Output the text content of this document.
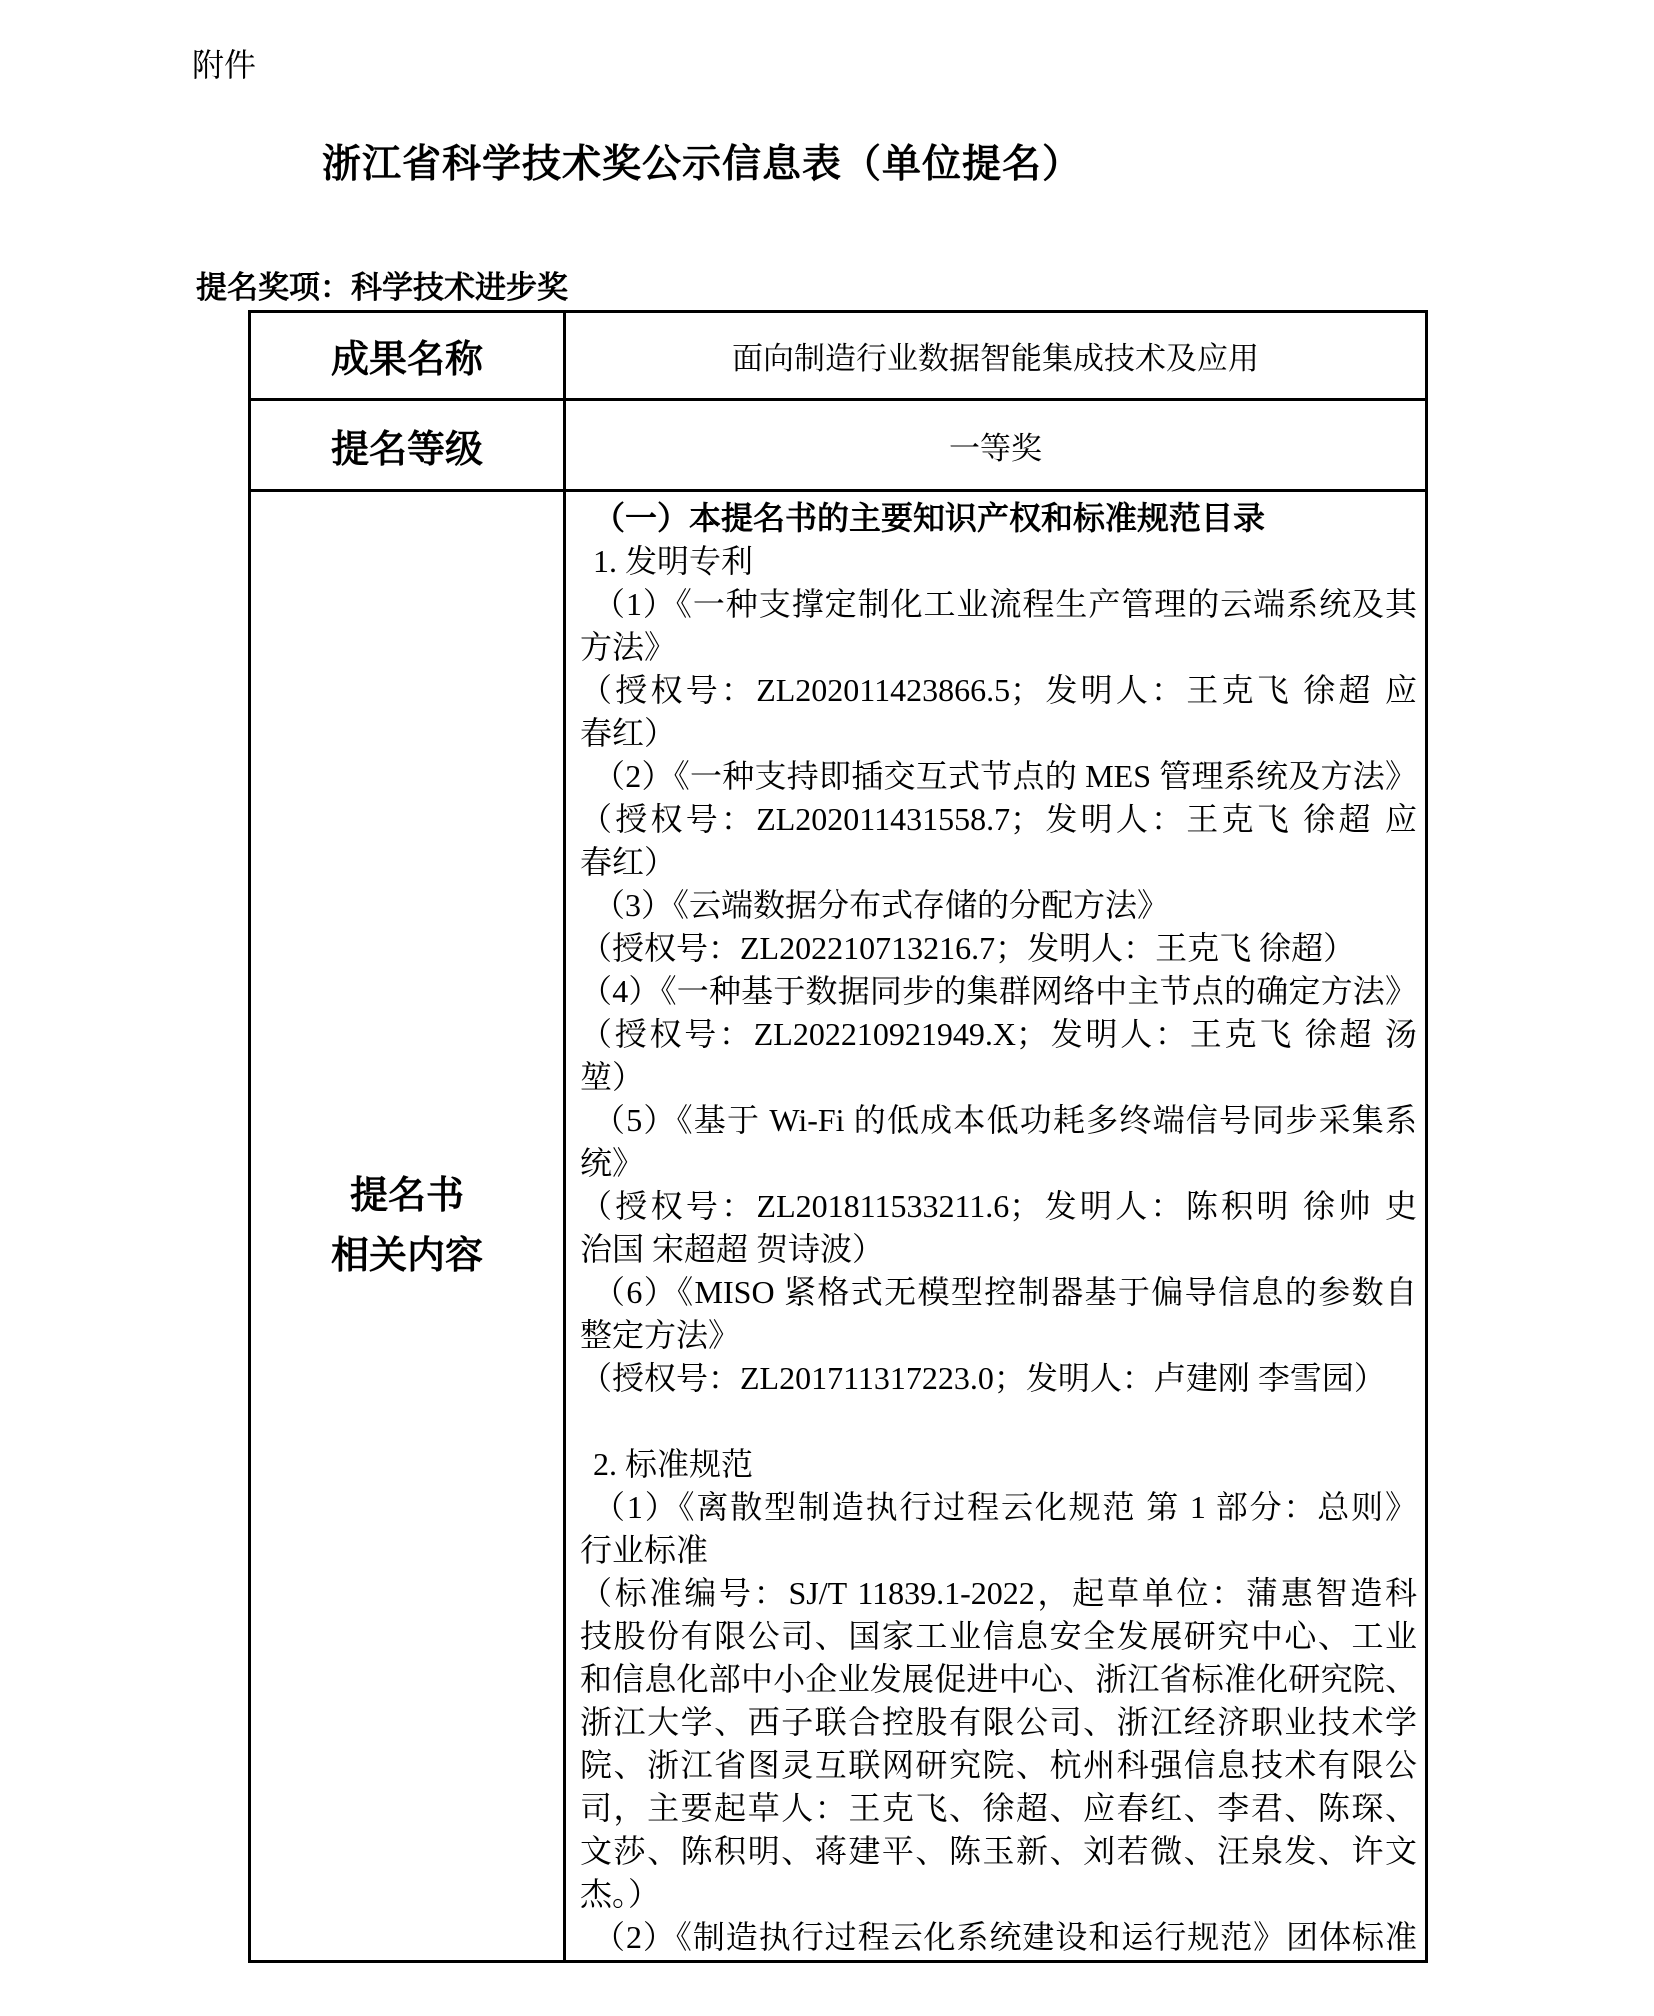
附件
浙江省科学技术奖公示信息表（单位提名）
提名奖项：科学技术进步奖
成果名称	面向制造行业数据智能集成技术及应用
提名等级	一等奖
提名书
相关内容
（一）本提名书的主要知识产权和标准规范目录
1. 发明专利
（1）《一种支撑定制化工业流程生产管理的云端系统及其
方法》
（授权号：ZL202011423866.5；发明人：王克飞 徐超 应
春红）
（2）《一种支持即插交互式节点的 MES 管理系统及方法》
（授权号：ZL202011431558.7；发明人：王克飞 徐超 应
春红）
（3）《云端数据分布式存储的分配方法》
（授权号：ZL202210713216.7；发明人：王克飞 徐超）
（4）《一种基于数据同步的集群网络中主节点的确定方法》
（授权号：ZL202210921949.X；发明人：王克飞 徐超 汤
堃）
（5）《基于 Wi-Fi 的低成本低功耗多终端信号同步采集系
统》
（授权号：ZL201811533211.6；发明人：陈积明 徐帅 史
治国 宋超超 贺诗波）
（6）《MISO 紧格式无模型控制器基于偏导信息的参数自
整定方法》
（授权号：ZL201711317223.0；发明人：卢建刚 李雪园）
2. 标准规范
（1）《离散型制造执行过程云化规范 第 1 部分：总则》
行业标准
（标准编号：SJ/T 11839.1-2022，起草单位：蒲惠智造科
技股份有限公司、国家工业信息安全发展研究中心、工业
和信息化部中小企业发展促进中心、浙江省标准化研究院、
浙江大学、西子联合控股有限公司、浙江经济职业技术学
院、浙江省图灵互联网研究院、杭州科强信息技术有限公
司，主要起草人：王克飞、徐超、应春红、李君、陈琛、
文莎、陈积明、蒋建平、陈玉新、刘若微、汪泉发、许文
杰。）
（2）《制造执行过程云化系统建设和运行规范》团体标准
